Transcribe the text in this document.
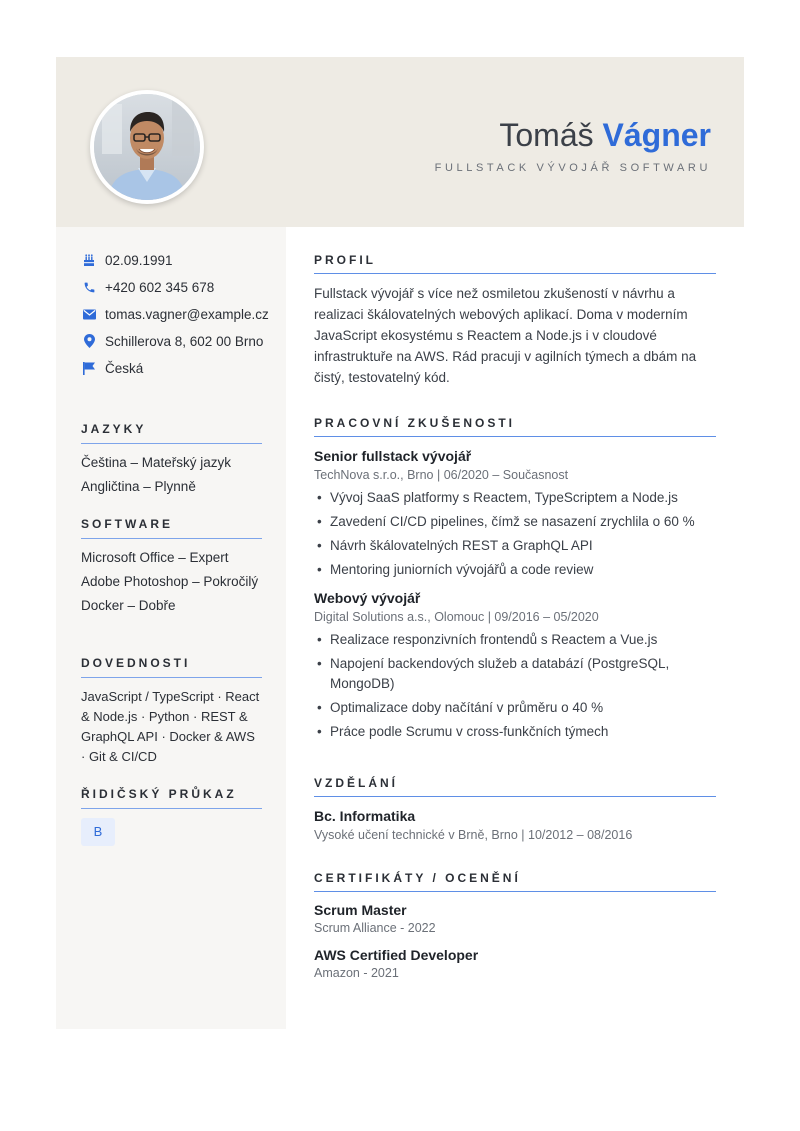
Tomáš Vágner
FULLSTACK VÝVOJÁŘ SOFTWARU
02.09.1991
+420 602 345 678
tomas.vagner@example.cz
Schillerova 8, 602 00 Brno
Česká
JAZYKY
Čeština – Mateřský jazyk
Angličtina – Plynně
SOFTWARE
Microsoft Office – Expert
Adobe Photoshop – Pokročilý
Docker – Dobře
DOVEDNOSTI
JavaScript / TypeScript · React & Node.js · Python · REST & GraphQL API · Docker & AWS · Git & CI/CD
ŘIDIČSKÝ PRŮKAZ
B
PROFIL
Fullstack vývojář s více než osmiletou zkušeností v návrhu a realizaci škálovatelných webových aplikací. Doma v moderním JavaScript ekosystému s Reactem a Node.js i v cloudové infrastruktuře na AWS. Rád pracuji v agilních týmech a dbám na čistý, testovatelný kód.
PRACOVNÍ ZKUŠENOSTI
Senior fullstack vývojář
TechNova s.r.o., Brno | 06/2020 – Současnost
• Vývoj SaaS platformy s Reactem, TypeScriptem a Node.js
• Zavedení CI/CD pipelines, čímž se nasazení zrychlila o 60 %
• Návrh škálovatelných REST a GraphQL API
• Mentoring juniorních vývojářů a code review
Webový vývojář
Digital Solutions a.s., Olomouc | 09/2016 – 05/2020
• Realizace responzivních frontendů s Reactem a Vue.js
• Napojení backendových služeb a databází (PostgreSQL, MongoDB)
• Optimalizace doby načítání v průměru o 40 %
• Práce podle Scrumu v cross-funkčních týmech
VZDĚLÁNÍ
Bc. Informatika
Vysoké učení technické v Brně, Brno | 10/2012 – 08/2016
CERTIFIKÁTY / OCENĚNÍ
Scrum Master
Scrum Alliance - 2022
AWS Certified Developer
Amazon - 2021
